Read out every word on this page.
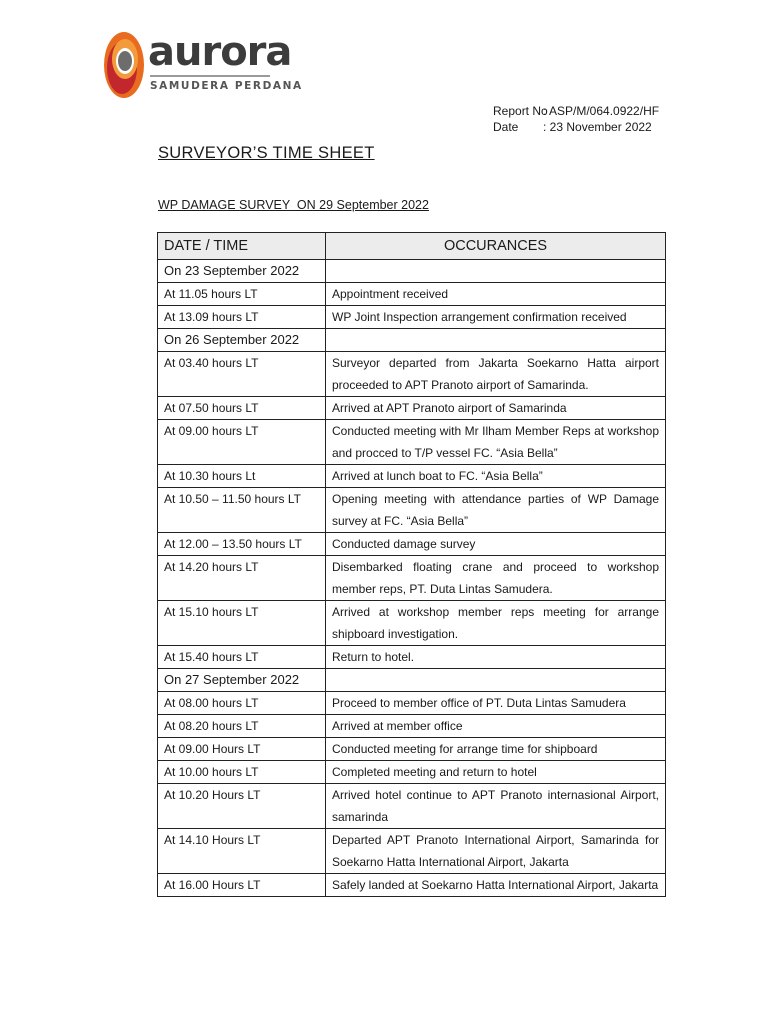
aurora
SAMUDERA PERDANA
Report No
: ASP/M/064.0922/HF
Date	: 23 November 2022
SURVEYOR’S TIME SHEET
WP DAMAGE SURVEY  ON 29 September 2022
DATE / TIME	OCCURANCES
On 23 September 2022	
At 11.05 hours LT	Appointment received
At 13.09 hours LT	WP Joint Inspection arrangement confirmation received
On 26 September 2022	
At 03.40 hours LT	Surveyor departed from Jakarta Soekarno Hatta airport proceeded to APT Pranoto airport of Samarinda.
At 07.50 hours LT	Arrived at APT Pranoto airport of Samarinda
At 09.00 hours LT	Conducted meeting with Mr Ilham Member Reps at workshop and procced to T/P vessel FC. “Asia Bella”
At 10.30 hours Lt	Arrived at lunch boat to FC. “Asia Bella”
At 10.50 – 11.50 hours LT	Opening meeting with attendance parties of WP Damage survey at FC. “Asia Bella”
At 12.00 – 13.50 hours LT	Conducted damage survey
At 14.20 hours LT	Disembarked floating crane and proceed to workshop member reps, PT. Duta Lintas Samudera.
At 15.10 hours LT	Arrived at workshop member reps meeting for arrange shipboard investigation.
At 15.40 hours LT	Return to hotel.
On 27 September 2022	
At 08.00 hours LT	Proceed to member office of PT. Duta Lintas Samudera
At 08.20 hours LT	Arrived at member office
At 09.00 Hours LT	Conducted meeting for arrange time for shipboard
At 10.00 hours LT	Completed meeting and return to hotel
At 10.20 Hours LT	Arrived hotel continue to APT Pranoto internasional Airport, samarinda
At 14.10 Hours LT	Departed APT Pranoto International Airport, Samarinda for Soekarno Hatta International Airport, Jakarta
At 16.00 Hours LT	Safely landed at Soekarno Hatta International Airport, Jakarta
